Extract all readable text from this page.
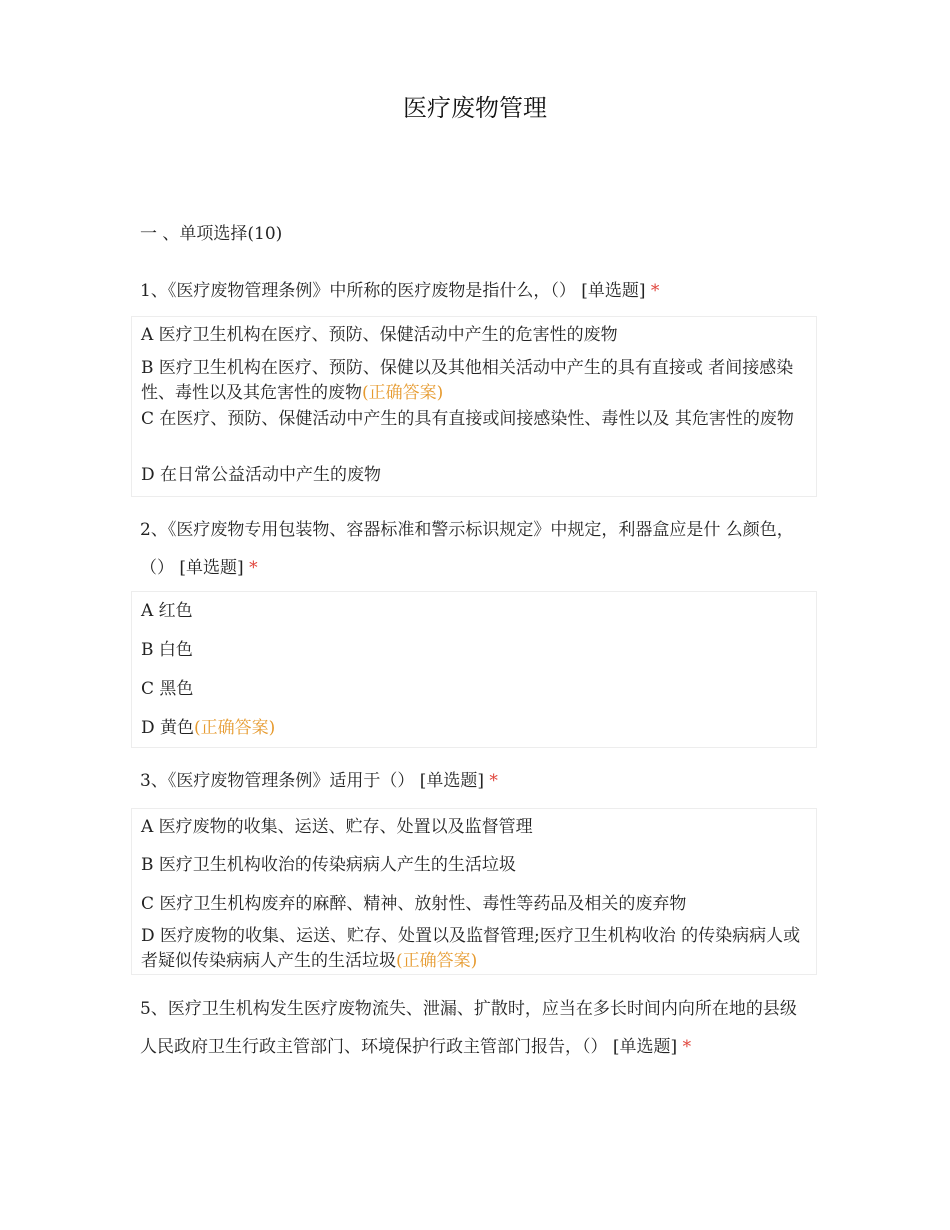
医疗废物管理
一 、单项选择(10)
1、《医疗废物管理条例》中所称的医疗废物是指什么，（） [单选题] *
A 医疗卫生机构在医疗、预防、保健活动中产生的危害性的废物
B 医疗卫生机构在医疗、预防、保健以及其他相关活动中产生的具有直接或 者间接感染性、毒性以及其危害性的废物(正确答案)
C 在医疗、预防、保健活动中产生的具有直接或间接感染性、毒性以及 其危害性的废物
D 在日常公益活动中产生的废物
2、《医疗废物专用包装物、容器标准和警示标识规定》中规定，利器盒应是什 么颜色，（） [单选题] *
A 红色
B 白色
C 黑色
D 黄色(正确答案)
3、《医疗废物管理条例》适用于（） [单选题] *
A 医疗废物的收集、运送、贮存、处置以及监督管理
B 医疗卫生机构收治的传染病病人产生的生活垃圾
C 医疗卫生机构废弃的麻醉、精神、放射性、毒性等药品及相关的废弃物
D 医疗废物的收集、运送、贮存、处置以及监督管理;医疗卫生机构收治 的传染病病人或者疑似传染病病人产生的生活垃圾(正确答案)
5、医疗卫生机构发生医疗废物流失、泄漏、扩散时，应当在多长时间内向所在地的县级人民政府卫生行政主管部门、环境保护行政主管部门报告，（） [单选题] *
